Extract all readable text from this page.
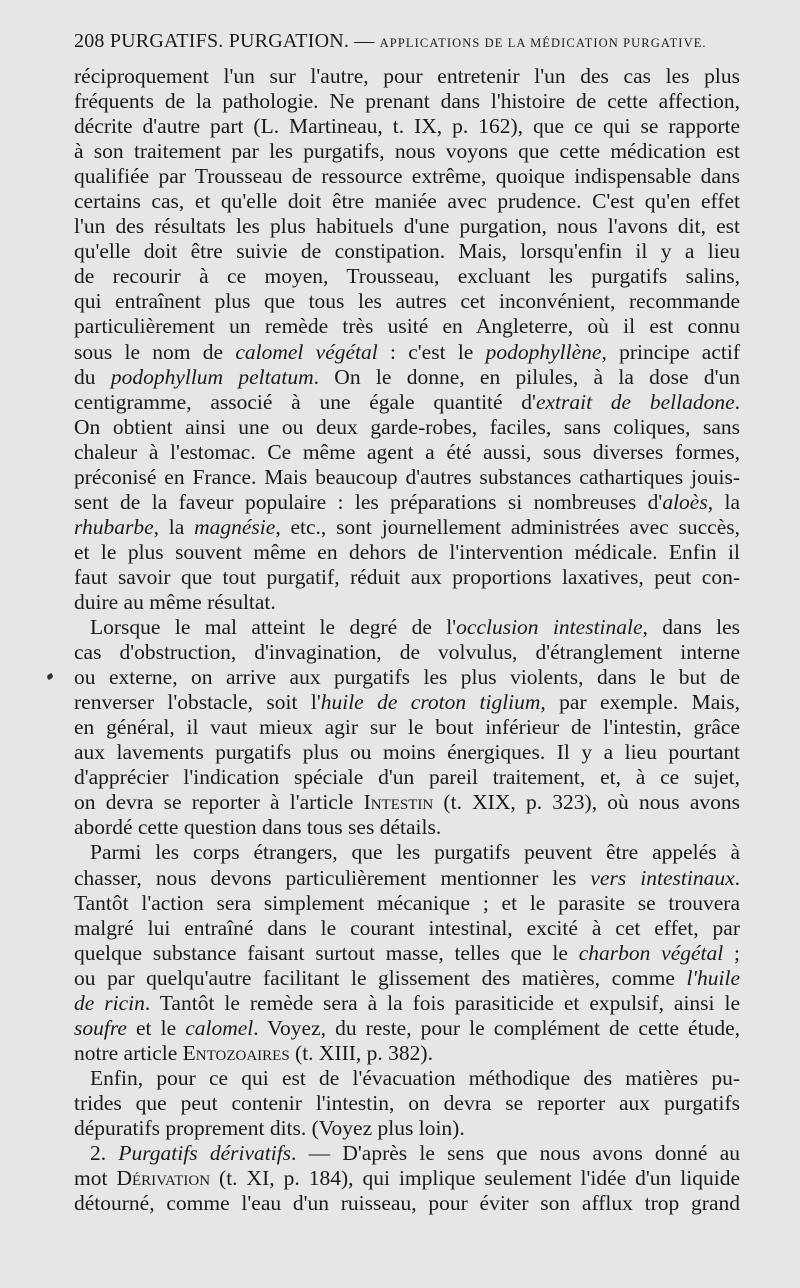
208 PURGATIFS. PURGATION. — APPLICATIONS DE LA MÉDICATION PURGATIVE.
réciproquement l'un sur l'autre, pour entretenir l'un des cas les plus
fréquents de la pathologie. Ne prenant dans l'histoire de cette affection,
décrite d'autre part (L. Martineau, t. IX, p. 162), que ce qui se rapporte
à son traitement par les purgatifs, nous voyons que cette médication est
qualifiée par Trousseau de ressource extrême, quoique indispensable dans
certains cas, et qu'elle doit être maniée avec prudence. C'est qu'en effet
l'un des résultats les plus habituels d'une purgation, nous l'avons dit, est
qu'elle doit être suivie de constipation. Mais, lorsqu'enfin il y a lieu
de recourir à ce moyen, Trousseau, excluant les purgatifs salins,
qui entraînent plus que tous les autres cet inconvénient, recommande
particulièrement un remède très usité en Angleterre, où il est connu
sous le nom de calomel végétal : c'est le podophyllène, principe actif
du podophyllum peltatum. On le donne, en pilules, à la dose d'un
centigramme, associé à une égale quantité d'extrait de belladone.
On obtient ainsi une ou deux garde-robes, faciles, sans coliques, sans
chaleur à l'estomac. Ce même agent a été aussi, sous diverses formes,
préconisé en France. Mais beaucoup d'autres substances cathartiques jouis-
sent de la faveur populaire : les préparations si nombreuses d'aloès, la
rhubarbe, la magnésie, etc., sont journellement administrées avec succès,
et le plus souvent même en dehors de l'intervention médicale. Enfin il
faut savoir que tout purgatif, réduit aux proportions laxatives, peut con-
duire au même résultat.
Lorsque le mal atteint le degré de l'occlusion intestinale, dans les
cas d'obstruction, d'invagination, de volvulus, d'étranglement interne
ou externe, on arrive aux purgatifs les plus violents, dans le but de
renverser l'obstacle, soit l'huile de croton tiglium, par exemple. Mais,
en général, il vaut mieux agir sur le bout inférieur de l'intestin, grâce
aux lavements purgatifs plus ou moins énergiques. Il y a lieu pourtant
d'apprécier l'indication spéciale d'un pareil traitement, et, à ce sujet,
on devra se reporter à l'article Intestin (t. XIX, p. 323), où nous avons
abordé cette question dans tous ses détails.
Parmi les corps étrangers, que les purgatifs peuvent être appelés à
chasser, nous devons particulièrement mentionner les vers intestinaux.
Tantôt l'action sera simplement mécanique ; et le parasite se trouvera
malgré lui entraîné dans le courant intestinal, excité à cet effet, par
quelque substance faisant surtout masse, telles que le charbon végétal ;
ou par quelqu'autre facilitant le glissement des matières, comme l'huile
de ricin. Tantôt le remède sera à la fois parasiticide et expulsif, ainsi le
soufre et le calomel. Voyez, du reste, pour le complément de cette étude,
notre article Entozoaires (t. XIII, p. 382).
Enfin, pour ce qui est de l'évacuation méthodique des matières pu-
trides que peut contenir l'intestin, on devra se reporter aux purgatifs
dépuratifs proprement dits. (Voyez plus loin).
2. Purgatifs dérivatifs. — D'après le sens que nous avons donné au
mot Dérivation (t. XI, p. 184), qui implique seulement l'idée d'un liquide
détourné, comme l'eau d'un ruisseau, pour éviter son afflux trop grand
